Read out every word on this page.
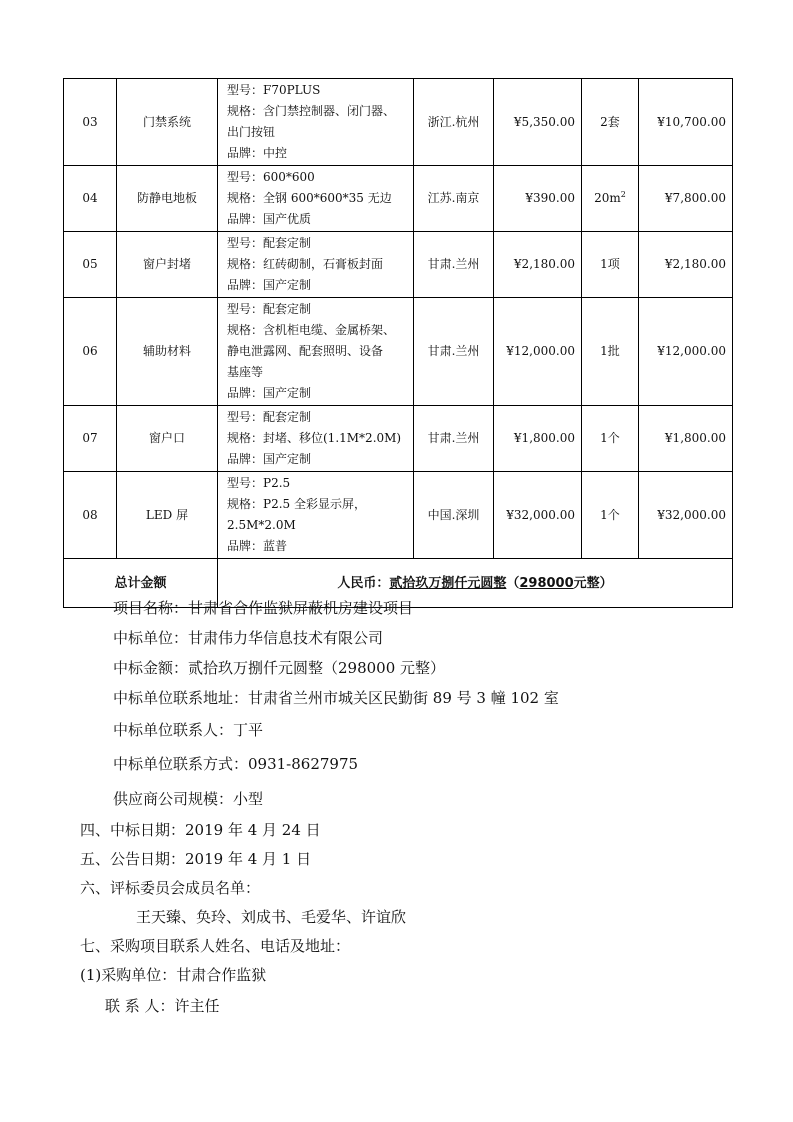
03	门禁系统	型号：F70PLUS
规格：含门禁控制器、闭门器、
出门按钮
品牌：中控	浙江.杭州	¥5,350.00	2套	¥10,700.00
04	防静电地板	型号：600*600
规格：全钢 600*600*35 无边
品牌：国产优质	江苏.南京	¥390.00	$20m^2$	¥7,800.00
05	窗户封堵	型号：配套定制
规格：红砖砌制，石膏板封面
品牌：国产定制	甘肃.兰州	¥2,180.00	1项	¥2,180.00
06	辅助材料	型号：配套定制
规格：含机柜电缆、金属桥架、
静电泄露网、配套照明、设备
基座等
品牌：国产定制	甘肃.兰州	¥12,000.00	1批	¥12,000.00
07	窗户口	型号：配套定制
规格：封堵、移位(1.1M*2.0M)
品牌：国产定制	甘肃.兰州	¥1,800.00	1个	¥1,800.00
08	LED 屏	型号：P2.5
规格：P2.5 全彩显示屏，
2.5M*2.0M
品牌：蓝普	中国.深圳	¥32,000.00	1个	¥32,000.00
总计金额		人民币：贰拾玖万捌仟元圆整（298000元整）				
项目名称：甘肃省合作监狱屏蔽机房建设项目
中标单位：甘肃伟力华信息技术有限公司
中标金额：贰拾玖万捌仟元圆整（298000 元整）
中标单位联系地址：甘肃省兰州市城关区民勤街 89 号 3 幢 102 室
中标单位联系人：丁平
中标单位联系方式：0931-8627975
供应商公司规模：小型
四、中标日期：2019 年 4 月 24 日
五、公告日期：2019 年 4 月 1 日
六、评标委员会成员名单：
王天臻、奂玲、刘成书、毛爱华、许谊欣
七、采购项目联系人姓名、电话及地址：
(1)采购单位：甘肃合作监狱
联 系 人：许主任
